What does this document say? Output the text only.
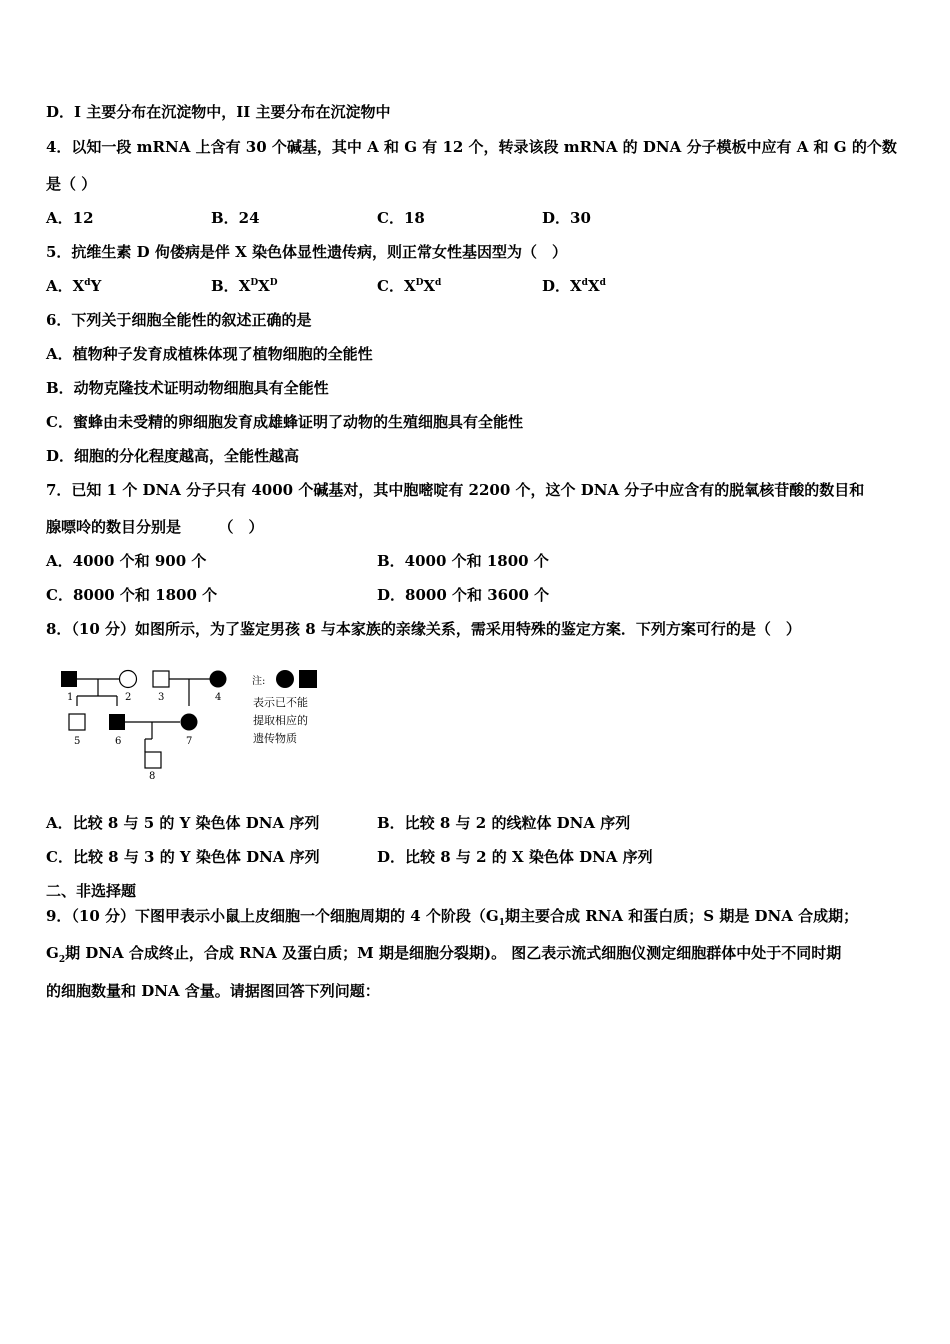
D．I 主要分布在沉淀物中，II 主要分布在沉淀物中
4．以知一段 mRNA 上含有 30 个碱基，其中 A 和 G 有 12 个，转录该段 mRNA 的 DNA 分子模板中应有 A 和 G 的个数
是（ ）
A．12	B．24	C．18	D．30
5．抗维生素 D 佝偻病是伴 X 染色体显性遗传病，则正常女性基因型为（　）
A．$X^dY$	B．$X^DX^D$	C．$X^DX^d$	D．$X^dX^d$
6．下列关于细胞全能性的叙述正确的是
A．植物种子发育成植株体现了植物细胞的全能性
B．动物克隆技术证明动物细胞具有全能性
C．蜜蜂由未受精的卵细胞发育成雄蜂证明了动物的生殖细胞具有全能性
D．细胞的分化程度越高，全能性越高
7．已知 1 个 DNA 分子只有 4000 个碱基对，其中胞嘧啶有 2200 个，这个 DNA 分子中应含有的脱氧核苷酸的数目和
腺嘌呤的数目分别是　　　（　）
A．4000 个和 900 个	B．4000 个和 1800 个
C．8000 个和 1800 个	D．8000 个和 3600 个
8．（10 分）如图所示，为了鉴定男孩 8 与本家族的亲缘关系，需采用特殊的鉴定方案．下列方案可行的是（　）
1	2	3	4
5	6	7
8
注:
表示已不能
提取相应的
遗传物质
A．比较 8 与 5 的 Y 染色体 DNA 序列	B．比较 8 与 2 的线粒体 DNA 序列
C．比较 8 与 3 的 Y 染色体 DNA 序列	D．比较 8 与 2 的 X 染色体 DNA 序列
二、非选择题
9．（10 分）下图甲表示小鼠上皮细胞一个细胞周期的 4 个阶段（$G_1$期主要合成 RNA 和蛋白质；S 期是 DNA 合成期；
$G_2$期 DNA 合成终止，合成 RNA 及蛋白质；M 期是细胞分裂期)。 图乙表示流式细胞仪测定细胞群体中处于不同时期
的细胞数量和 DNA 含量。请据图回答下列问题：
